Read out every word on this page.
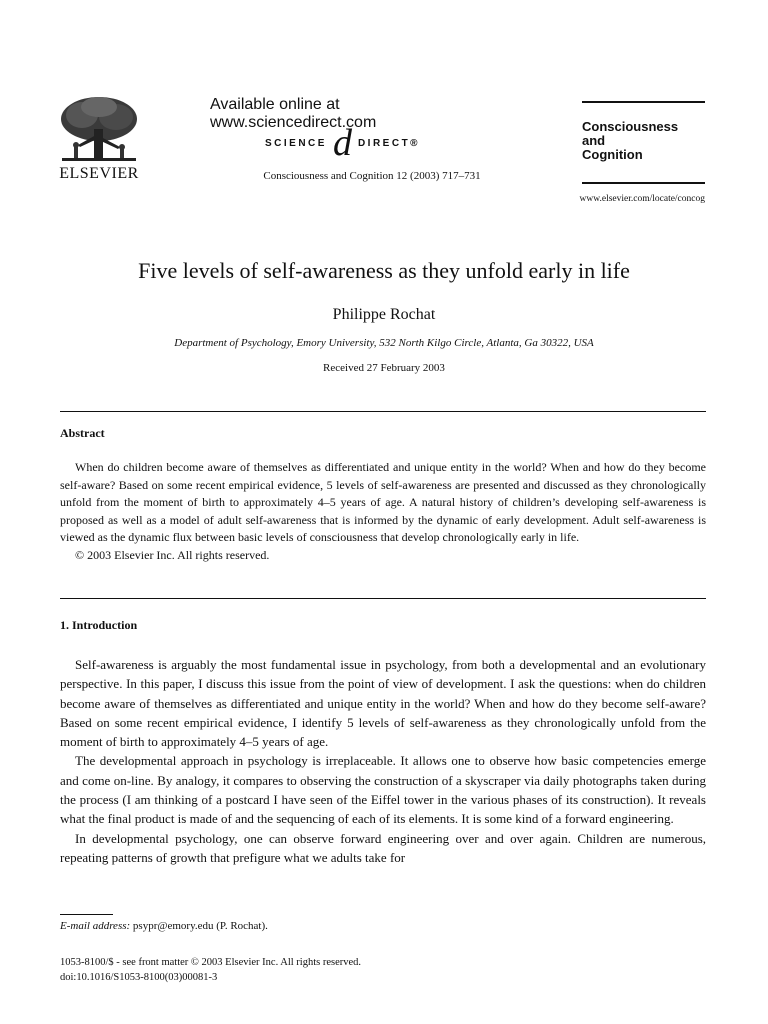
ELSEVIER
Available online at www.sciencedirect.com
SCIENCE d DIRECT®
Consciousness and Cognition 12 (2003) 717–731
Consciousness
and
Cognition
www.elsevier.com/locate/concog
Five levels of self-awareness as they unfold early in life
Philippe Rochat
Department of Psychology, Emory University, 532 North Kilgo Circle, Atlanta, Ga 30322, USA
Received 27 February 2003
Abstract

When do children become aware of themselves as differentiated and unique entity in the world? When and how do they become self-aware? Based on some recent empirical evidence, 5 levels of self-awareness are presented and discussed as they chronologically unfold from the moment of birth to approximately 4–5 years of age. A natural history of children’s developing self-awareness is proposed as well as a model of adult self-awareness that is informed by the dynamic of early development. Adult self-awareness is viewed as the dynamic flux between basic levels of consciousness that develop chronologically early in life.

© 2003 Elsevier Inc. All rights reserved.

1. Introduction

Self-awareness is arguably the most fundamental issue in psychology, from both a developmental and an evolutionary perspective. In this paper, I discuss this issue from the point of view of development. I ask the questions: when do children become aware of themselves as differentiated and unique entity in the world? When and how do they become self-aware? Based on some recent empirical evidence, I identify 5 levels of self-awareness as they chronologically unfold from the moment of birth to approximately 4–5 years of age.

The developmental approach in psychology is irreplaceable. It allows one to observe how basic competencies emerge and come on-line. By analogy, it compares to observing the construction of a skyscraper via daily photographs taken during the process (I am thinking of a postcard I have seen of the Eiffel tower in the various phases of its construction). It reveals what the final product is made of and the sequencing of each of its elements. It is some kind of a forward engineering.

In developmental psychology, one can observe forward engineering over and over again. Children are numerous, repeating patterns of growth that prefigure what we adults take for

E-mail address: psypr@emory.edu (P. Rochat).
1053-8100/$ - see front matter © 2003 Elsevier Inc. All rights reserved.
doi:10.1016/S1053-8100(03)00081-3
